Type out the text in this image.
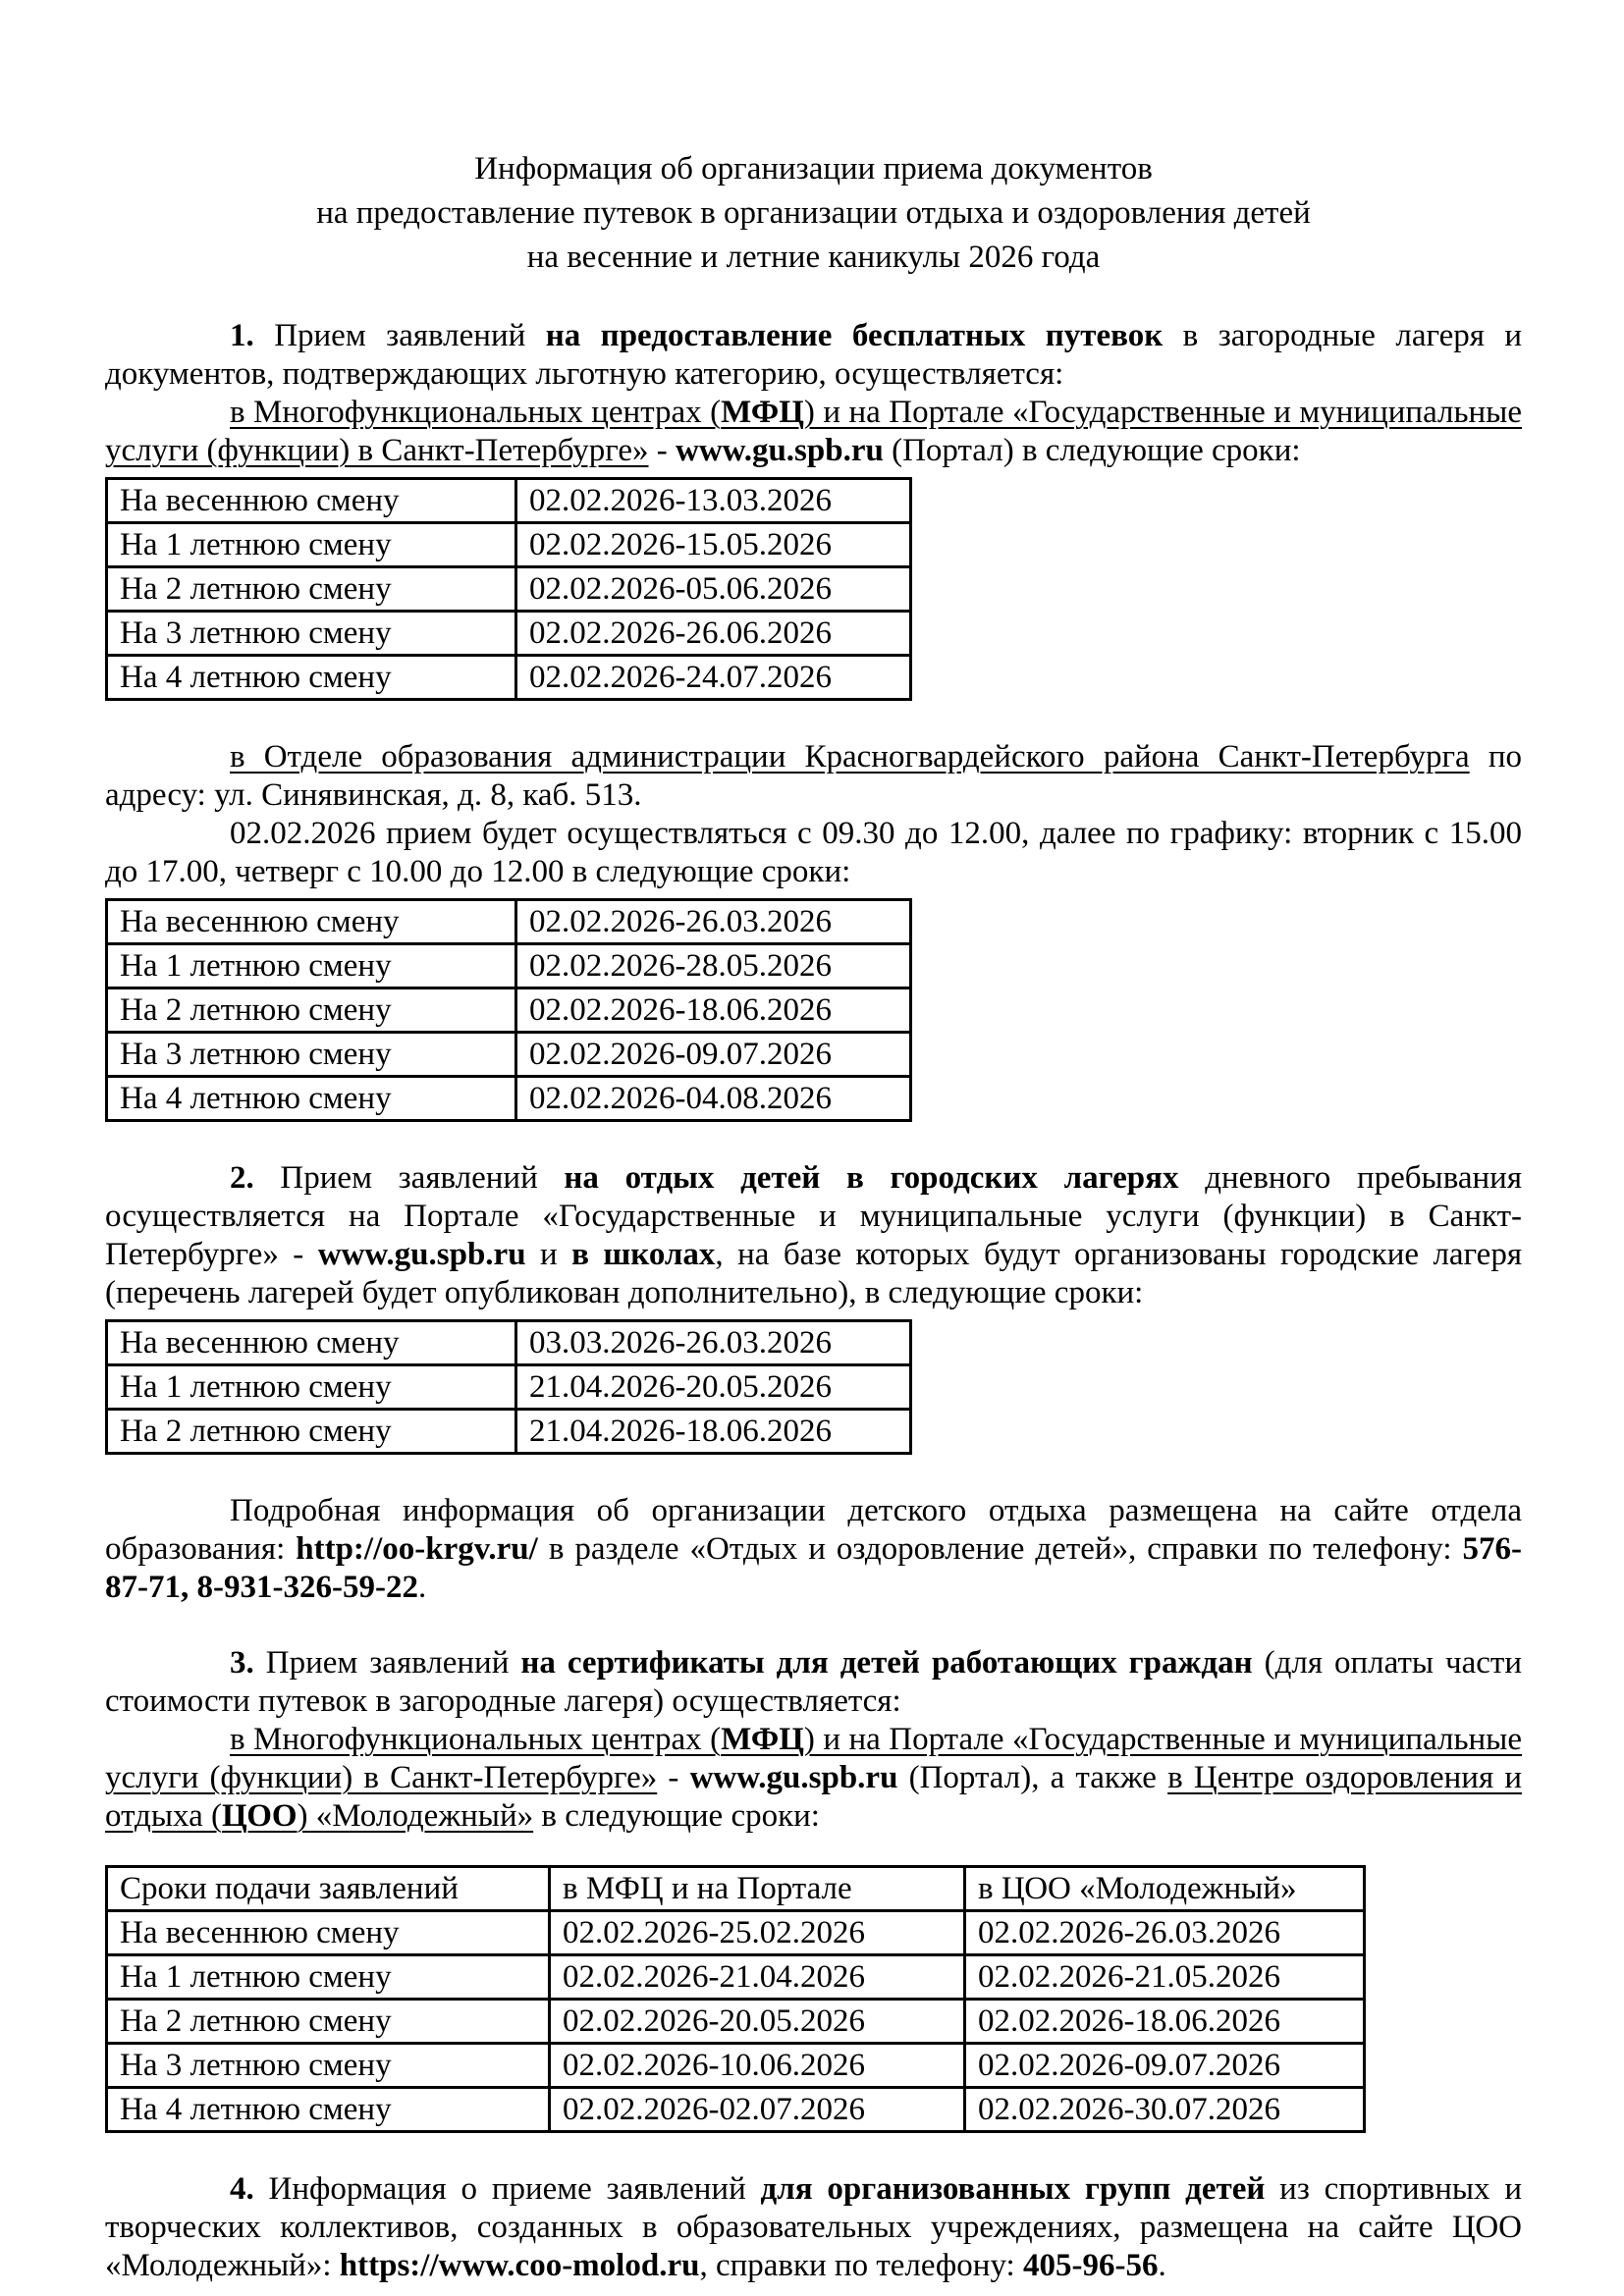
Информация об организации приема документов
на предоставление путевок в организации отдыха и оздоровления детей
на весенние и летние каникулы 2026 года

1. Прием заявлений на предоставление бесплатных путевок в загородные лагеря и документов, подтверждающих льготную категорию, осуществляется:

в Многофункциональных центрах (МФЦ) и на Портале «Государственные и муниципальные услуги (функции) в Санкт-Петербурге» - www.gu.spb.ru (Портал) в следующие сроки:

На весеннюю смену	02.02.2026-13.03.2026
На 1 летнюю смену	02.02.2026-15.05.2026
На 2 летнюю смену	02.02.2026-05.06.2026
На 3 летнюю смену	02.02.2026-26.06.2026
На 4 летнюю смену	02.02.2026-24.07.2026

в Отделе образования администрации Красногвардейского района Санкт-Петербурга по адресу: ул. Синявинская, д. 8, каб. 513.

02.02.2026 прием будет осуществляться с 09.30 до 12.00, далее по графику: вторник с 15.00 до 17.00, четверг с 10.00 до 12.00 в следующие сроки:

На весеннюю смену	02.02.2026-26.03.2026
На 1 летнюю смену	02.02.2026-28.05.2026
На 2 летнюю смену	02.02.2026-18.06.2026
На 3 летнюю смену	02.02.2026-09.07.2026
На 4 летнюю смену	02.02.2026-04.08.2026

2. Прием заявлений на отдых детей в городских лагерях дневного пребывания осуществляется на Портале «Государственные и муниципальные услуги (функции) в Санкт-Петербурге» - www.gu.spb.ru и в школах, на базе которых будут организованы городские лагеря (перечень лагерей будет опубликован дополнительно), в следующие сроки:

На весеннюю смену	03.03.2026-26.03.2026
На 1 летнюю смену	21.04.2026-20.05.2026
На 2 летнюю смену	21.04.2026-18.06.2026

Подробная информация об организации детского отдыха размещена на сайте отдела образования: http://oo-krgv.ru/ в разделе «Отдых и оздоровление детей», справки по телефону: 576-87-71, 8-931-326-59-22.

3. Прием заявлений на сертификаты для детей работающих граждан (для оплаты части стоимости путевок в загородные лагеря) осуществляется:

в Многофункциональных центрах (МФЦ) и на Портале «Государственные и муниципальные услуги (функции) в Санкт-Петербурге» - www.gu.spb.ru (Портал), а также в Центре оздоровления и отдыха (ЦОО) «Молодежный» в следующие сроки:

Сроки подачи заявлений	в МФЦ и на Портале	в ЦОО «Молодежный»
На весеннюю смену	02.02.2026-25.02.2026	02.02.2026-26.03.2026
На 1 летнюю смену	02.02.2026-21.04.2026	02.02.2026-21.05.2026
На 2 летнюю смену	02.02.2026-20.05.2026	02.02.2026-18.06.2026
На 3 летнюю смену	02.02.2026-10.06.2026	02.02.2026-09.07.2026
На 4 летнюю смену	02.02.2026-02.07.2026	02.02.2026-30.07.2026

4. Информация о приеме заявлений для организованных групп детей из спортивных и творческих коллективов, созданных в образовательных учреждениях, размещена на сайте ЦОО «Молодежный»: https://www.coo-molod.ru, справки по телефону: 405-96-56.
